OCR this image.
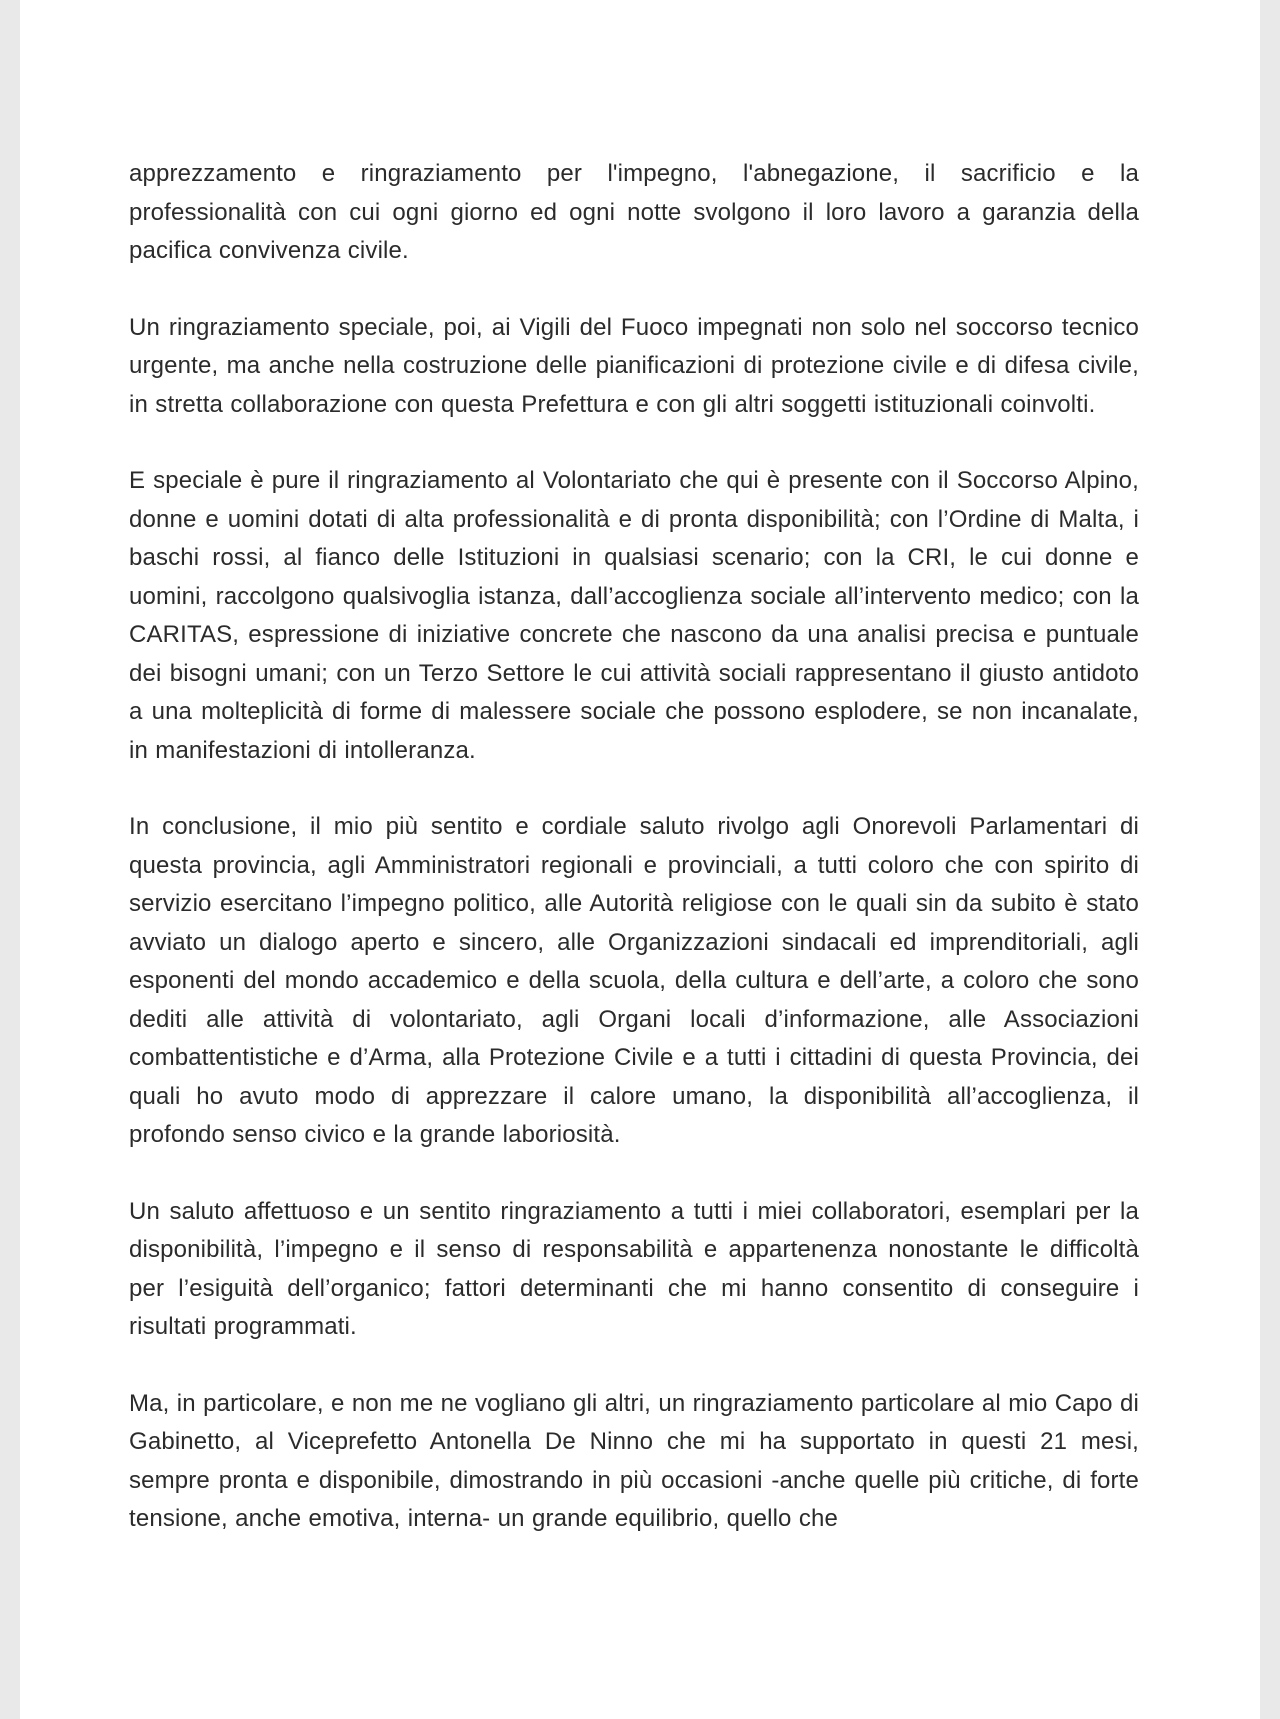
apprezzamento e ringraziamento per l'impegno, l'abnegazione, il sacrificio e la professionalità con cui ogni giorno ed ogni notte svolgono il loro lavoro a garanzia della pacifica convivenza civile.

Un ringraziamento speciale, poi, ai Vigili del Fuoco impegnati non solo nel soccorso tecnico urgente, ma anche nella costruzione delle pianificazioni di protezione civile e di difesa civile, in stretta collaborazione con questa Prefettura e con gli altri soggetti istituzionali coinvolti.

E speciale è pure il ringraziamento al Volontariato che qui è presente con il Soccorso Alpino, donne e uomini dotati di alta professionalità e di pronta disponibilità; con l’Ordine di Malta, i baschi rossi, al fianco delle Istituzioni in qualsiasi scenario; con la CRI, le cui donne e uomini, raccolgono qualsivoglia istanza, dall’accoglienza sociale all’intervento medico; con la CARITAS, espressione di iniziative concrete che nascono da una analisi precisa e puntuale dei bisogni umani; con un Terzo Settore le cui attività sociali rappresentano il giusto antidoto a una molteplicità di forme di malessere sociale che possono esplodere, se non incanalate, in manifestazioni di intolleranza.

In conclusione, il mio più sentito e cordiale saluto rivolgo agli Onorevoli Parlamentari di questa provincia, agli Amministratori regionali e provinciali, a tutti coloro che con spirito di servizio esercitano l’impegno politico, alle Autorità religiose con le quali sin da subito è stato avviato un dialogo aperto e sincero, alle Organizzazioni sindacali ed imprenditoriali, agli esponenti del mondo accademico e della scuola, della cultura e dell’arte, a coloro che sono dediti alle attività di volontariato, agli Organi locali d’informazione, alle Associazioni combattentistiche e d’Arma, alla Protezione Civile e a tutti i cittadini di questa Provincia, dei quali ho avuto modo di apprezzare il calore umano, la disponibilità all’accoglienza, il profondo senso civico e la grande laboriosità.

Un saluto affettuoso e un sentito ringraziamento a tutti i miei collaboratori, esemplari per la disponibilità, l’impegno e il senso di responsabilità e appartenenza nonostante le difficoltà per l’esiguità dell’organico; fattori determinanti che mi hanno consentito di conseguire i risultati programmati.

Ma, in particolare, e non me ne vogliano gli altri, un ringraziamento particolare al mio Capo di Gabinetto, al Viceprefetto Antonella De Ninno che mi ha supportato in questi 21 mesi, sempre pronta e disponibile, dimostrando in più occasioni -anche quelle più critiche, di forte tensione, anche emotiva, interna- un grande equilibrio, quello che
